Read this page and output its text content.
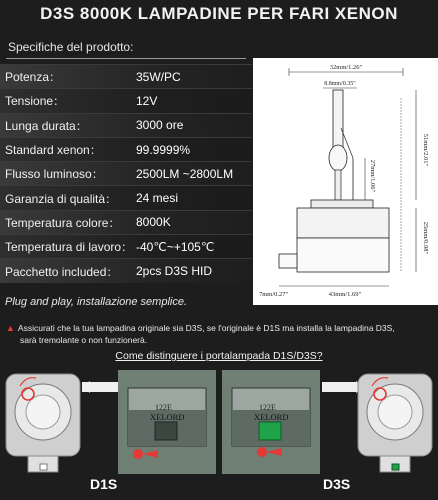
D3S 8000K LAMPADINE PER FARI XENON
Specifiche del prodotto:
Potenza：	35W/PC
Tensione：	12V
Lunga durata：	3000 ore
Standard xenon：	99.9999%
Flusso luminoso：	2500LM ~2800LM
Garanzia di qualità：	24 mesi
Temperatura colore：	8000K
Temperatura di lavoro： -40℃~+105℃
Pacchetto included：	2pcs D3S HID
Plug and play, installazione semplice.
32mm/1.26"
8.8mm/0.35"
51mm/2.01"
27mm/1.06"
25mm/0.98"
7mm/0.27"	43mm/1.69"
▲ Assicurati che la tua lampadina originale sia D3S, se l'originale è D1S ma installa la lampadina D3S,
sarà tremolante o non funzionerà.
Come distinguere i portalampada D1S/D3S?
122E
XELORD
122E
XELORD
D1S	D3S
